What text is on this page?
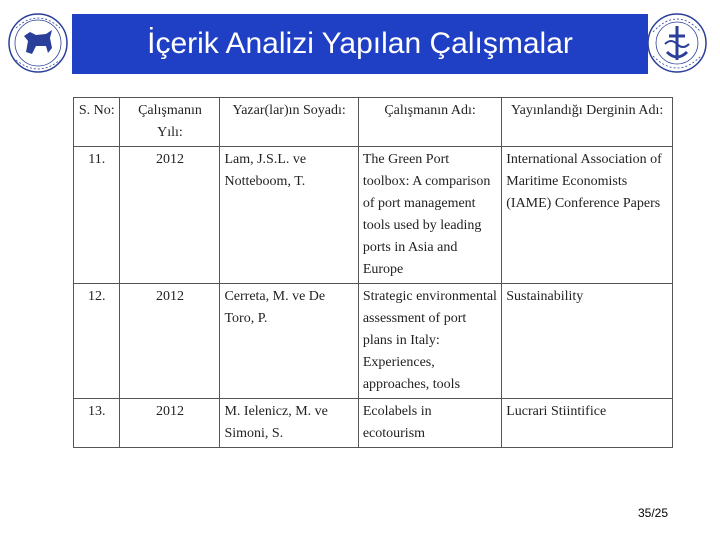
İçerik Analizi Yapılan Çalışmalar
S. No:	Çalışmanın Yılı:	Yazar(lar)ın Soyadı:	Çalışmanın Adı:	Yayınlandığı Derginin Adı:
11.	2012	Lam, J.S.L. ve Notteboom, T.	The Green Port toolbox: A comparison of port management tools used by leading ports in Asia and Europe	International Association of Maritime Economists (IAME) Conference Papers
12.	2012	Cerreta, M. ve De Toro, P.	Strategic environmental assessment of port plans in Italy: Experiences, approaches, tools	Sustainability
13.	2012	M. Ielenicz, M. ve Simoni, S.	Ecolabels in ecotourism	Lucrari Stiintifice
35/25
